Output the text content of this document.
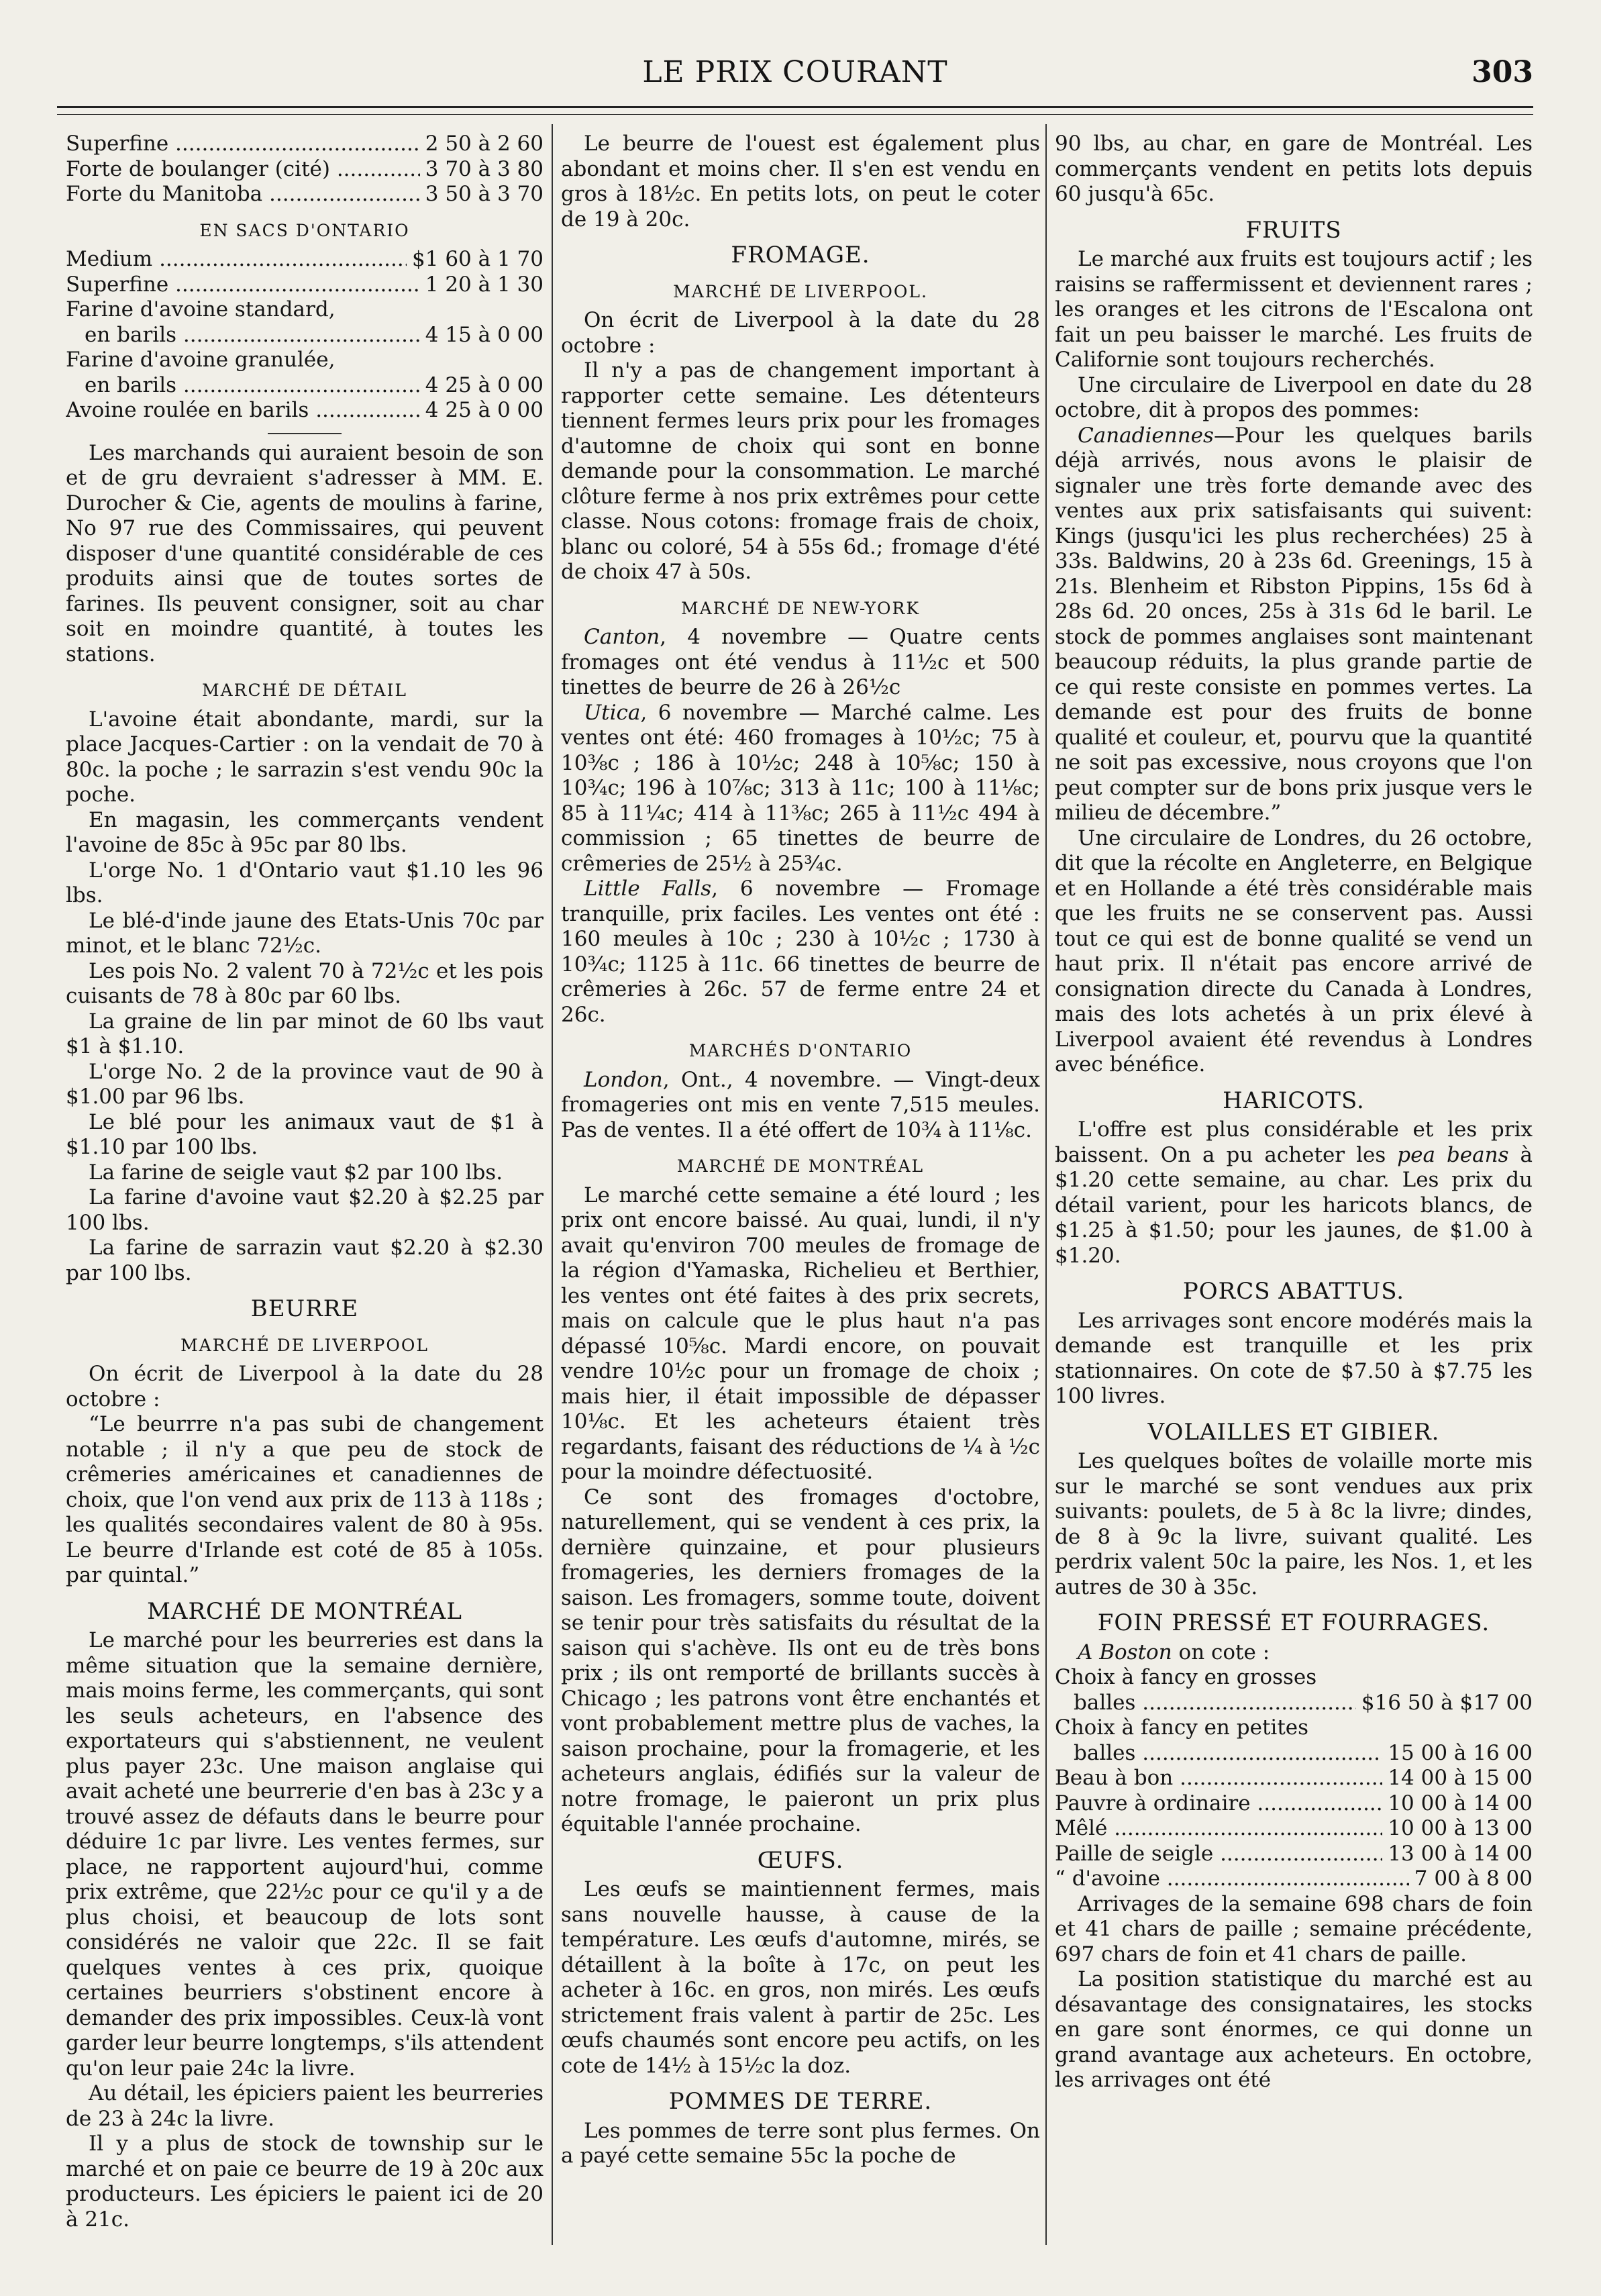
LE PRIX COURANT	303
Superfine .....	2 50 à 2 60
Forte de boulanger (cité) .....	3 70 à 3 80
Forte du Manitoba .....	3 50 à 3 70
EN SACS D'ONTARIO
Medium .....	$1 60 à 1 70
Superfine .....	1 20 à 1 30
Farine d'avoine standard,
en barils .....	4 15 à 0 00
Farine d'avoine granulée,
en barils .....	4 25 à 0 00
Avoine roulée en barils .....	4 25 à 0 00

Les marchands qui auraient besoin de son et de gru devraient s'adresser à MM. E. Durocher & Cie, agents de moulins à farine, No 97 rue des Commissaires, qui peuvent disposer d'une quantité considérable de ces produits ainsi que de toutes sortes de farines. Ils peuvent consigner, soit au char soit en moindre quantité, à toutes les stations.

MARCHÉ DE DÉTAIL

L'avoine était abondante, mardi, sur la place Jacques-Cartier : on la vendait de 70 à 80c. la poche ; le sarrazin s'est vendu 90c la poche.

En magasin, les commerçants vendent l'avoine de 85c à 95c par 80 lbs.

L'orge No. 1 d'Ontario vaut $1.10 les 96 lbs.

Le blé-d'inde jaune des Etats-Unis 70c par minot, et le blanc 72½c.

Les pois No. 2 valent 70 à 72½c et les pois cuisants de 78 à 80c par 60 lbs.

La graine de lin par minot de 60 lbs vaut $1 à $1.10.

L'orge No. 2 de la province vaut de 90 à $1.00 par 96 lbs.

Le blé pour les animaux vaut de $1 à $1.10 par 100 lbs.

La farine de seigle vaut $2 par 100 lbs.

La farine d'avoine vaut $2.20 à $2.25 par 100 lbs.

La farine de sarrazin vaut $2.20 à $2.30 par 100 lbs.

BEURRE
MARCHÉ DE LIVERPOOL

On écrit de Liverpool à la date du 28 octobre :

“Le beurrre n'a pas subi de changement notable ; il n'y a que peu de stock de crêmeries américaines et canadiennes de choix, que l'on vend aux prix de 113 à 118s ; les qualités secondaires valent de 80 à 95s. Le beurre d'Irlande est coté de 85 à 105s. par quintal.”

MARCHÉ DE MONTRÉAL

Le marché pour les beurreries est dans la même situation que la semaine dernière, mais moins ferme, les commerçants, qui sont les seuls acheteurs, en l'absence des exportateurs qui s'abstiennent, ne veulent plus payer 23c. Une maison anglaise qui avait acheté une beurrerie d'en bas à 23c y a trouvé assez de défauts dans le beurre pour déduire 1c par livre. Les ventes fermes, sur place, ne rapportent aujourd'hui, comme prix extrême, que 22½c pour ce qu'il y a de plus choisi, et beaucoup de lots sont considérés ne valoir que 22c. Il se fait quelques ventes à ces prix, quoique certaines beurriers s'obstinent encore à demander des prix impossibles. Ceux-là vont garder leur beurre longtemps, s'ils attendent qu'on leur paie 24c la livre.

Au détail, les épiciers paient les beurreries de 23 à 24c la livre.

Il y a plus de stock de township sur le marché et on paie ce beurre de 19 à 20c aux producteurs. Les épiciers le paient ici de 20 à 21c.

Le beurre de l'ouest est également plus abondant et moins cher. Il s'en est vendu en gros à 18½c. En petits lots, on peut le coter de 19 à 20c.

FROMAGE.
MARCHÉ DE LIVERPOOL.

On écrit de Liverpool à la date du 28 octobre :

Il n'y a pas de changement important à rapporter cette semaine. Les détenteurs tiennent fermes leurs prix pour les fromages d'automne de choix qui sont en bonne demande pour la consommation. Le marché clôture ferme à nos prix extrêmes pour cette classe. Nous cotons: fromage frais de choix, blanc ou coloré, 54 à 55s 6d.; fromage d'été de choix 47 à 50s.

MARCHÉ DE NEW-YORK

Canton, 4 novembre — Quatre cents fromages ont été vendus à 11½c et 500 tinettes de beurre de 26 à 26½c

Utica, 6 novembre — Marché calme. Les ventes ont été: 460 fromages à 10½c; 75 à 10⅜c ; 186 à 10½c; 248 à 10⅝c; 150 à 10¾c; 196 à 10⅞c; 313 à 11c; 100 à 11⅛c; 85 à 11¼c; 414 à 11⅜c; 265 à 11½c 494 à commission ; 65 tinettes de beurre de crêmeries de 25½ à 25¾c.

Little Falls, 6 novembre — Fromage tranquille, prix faciles. Les ventes ont été : 160 meules à 10c ; 230 à 10½c ; 1730 à 10¾c; 1125 à 11c. 66 tinettes de beurre de crêmeries à 26c. 57 de ferme entre 24 et 26c.

MARCHÉS D'ONTARIO

London, Ont., 4 novembre. — Vingt-deux fromageries ont mis en vente 7,515 meules. Pas de ventes. Il a été offert de 10¾ à 11⅛c.

MARCHÉ DE MONTRÉAL

Le marché cette semaine a été lourd ; les prix ont encore baissé. Au quai, lundi, il n'y avait qu'environ 700 meules de fromage de la région d'Yamaska, Richelieu et Berthier, les ventes ont été faites à des prix secrets, mais on calcule que le plus haut n'a pas dépassé 10⅝c. Mardi encore, on pouvait vendre 10½c pour un fromage de choix ; mais hier, il était impossible de dépasser 10⅛c. Et les acheteurs étaient très regardants, faisant des réductions de ¼ à ½c pour la moindre défectuosité.

Ce sont des fromages d'octobre, naturellement, qui se vendent à ces prix, la dernière quinzaine, et pour plusieurs fromageries, les derniers fromages de la saison. Les fromagers, somme toute, doivent se tenir pour très satisfaits du résultat de la saison qui s'achève. Ils ont eu de très bons prix ; ils ont remporté de brillants succès à Chicago ; les patrons vont être enchantés et vont probablement mettre plus de vaches, la saison prochaine, pour la fromagerie, et les acheteurs anglais, édifiés sur la valeur de notre fromage, le paieront un prix plus équitable l'année prochaine.

ŒUFS.

Les œufs se maintiennent fermes, mais sans nouvelle hausse, à cause de la température. Les œufs d'automne, mirés, se détaillent à la boîte à 17c, on peut les acheter à 16c. en gros, non mirés. Les œufs strictement frais valent à partir de 25c. Les œufs chaumés sont encore peu actifs, on les cote de 14½ à 15½c la doz.

POMMES DE TERRE.

Les pommes de terre sont plus fermes. On a payé cette semaine 55c la poche de

90 lbs, au char, en gare de Montréal. Les commerçants vendent en petits lots depuis 60 jusqu'à 65c.

FRUITS

Le marché aux fruits est toujours actif ; les raisins se raffermissent et deviennent rares ; les oranges et les citrons de l'Escalona ont fait un peu baisser le marché. Les fruits de Californie sont toujours recherchés.

Une circulaire de Liverpool en date du 28 octobre, dit à propos des pommes:

Canadiennes—Pour les quelques barils déjà arrivés, nous avons le plaisir de signaler une très forte demande avec des ventes aux prix satisfaisants qui suivent: Kings (jusqu'ici les plus recherchées) 25 à 33s. Baldwins, 20 à 23s 6d. Greenings, 15 à 21s. Blenheim et Ribston Pippins, 15s 6d à 28s 6d. 20 onces, 25s à 31s 6d le baril. Le stock de pommes anglaises sont maintenant beaucoup réduits, la plus grande partie de ce qui reste consiste en pommes vertes. La demande est pour des fruits de bonne qualité et couleur, et, pourvu que la quantité ne soit pas excessive, nous croyons que l'on peut compter sur de bons prix jusque vers le milieu de décembre.”

Une circulaire de Londres, du 26 octobre, dit que la récolte en Angleterre, en Belgique et en Hollande a été très considérable mais que les fruits ne se conservent pas. Aussi tout ce qui est de bonne qualité se vend un haut prix. Il n'était pas encore arrivé de consignation directe du Canada à Londres, mais des lots achetés à un prix élevé à Liverpool avaient été revendus à Londres avec bénéfice.

HARICOTS.

L'offre est plus considérable et les prix baissent. On a pu acheter les pea beans à $1.20 cette semaine, au char. Les prix du détail varient, pour les haricots blancs, de $1.25 à $1.50; pour les jaunes, de $1.00 à $1.20.

PORCS ABATTUS.

Les arrivages sont encore modérés mais la demande est tranquille et les prix stationnaires. On cote de $7.50 à $7.75 les 100 livres.

VOLAILLES ET GIBIER.

Les quelques boîtes de volaille morte mis sur le marché se sont vendues aux prix suivants: poulets, de 5 à 8c la livre; dindes, de 8 à 9c la livre, suivant qualité. Les perdrix valent 50c la paire, les Nos. 1, et les autres de 30 à 35c.

FOIN PRESSÉ ET FOURRAGES.

A Boston on cote :

Choix à fancy en grosses
balles .....	$16 50 à $17 00
Choix à fancy en petites
balles .....	15 00 à 16 00
Beau à bon .....	14 00 à 15 00
Pauvre à ordinaire .....	10 00 à 14 00
Mêlé .....	10 00 à 13 00
Paille de seigle .....	13 00 à 14 00
“ d'avoine .....	7 00 à 8 00

Arrivages de la semaine 698 chars de foin et 41 chars de paille ; semaine précédente, 697 chars de foin et 41 chars de paille.

La position statistique du marché est au désavantage des consignataires, les stocks en gare sont énormes, ce qui donne un grand avantage aux acheteurs. En octobre, les arrivages ont été
